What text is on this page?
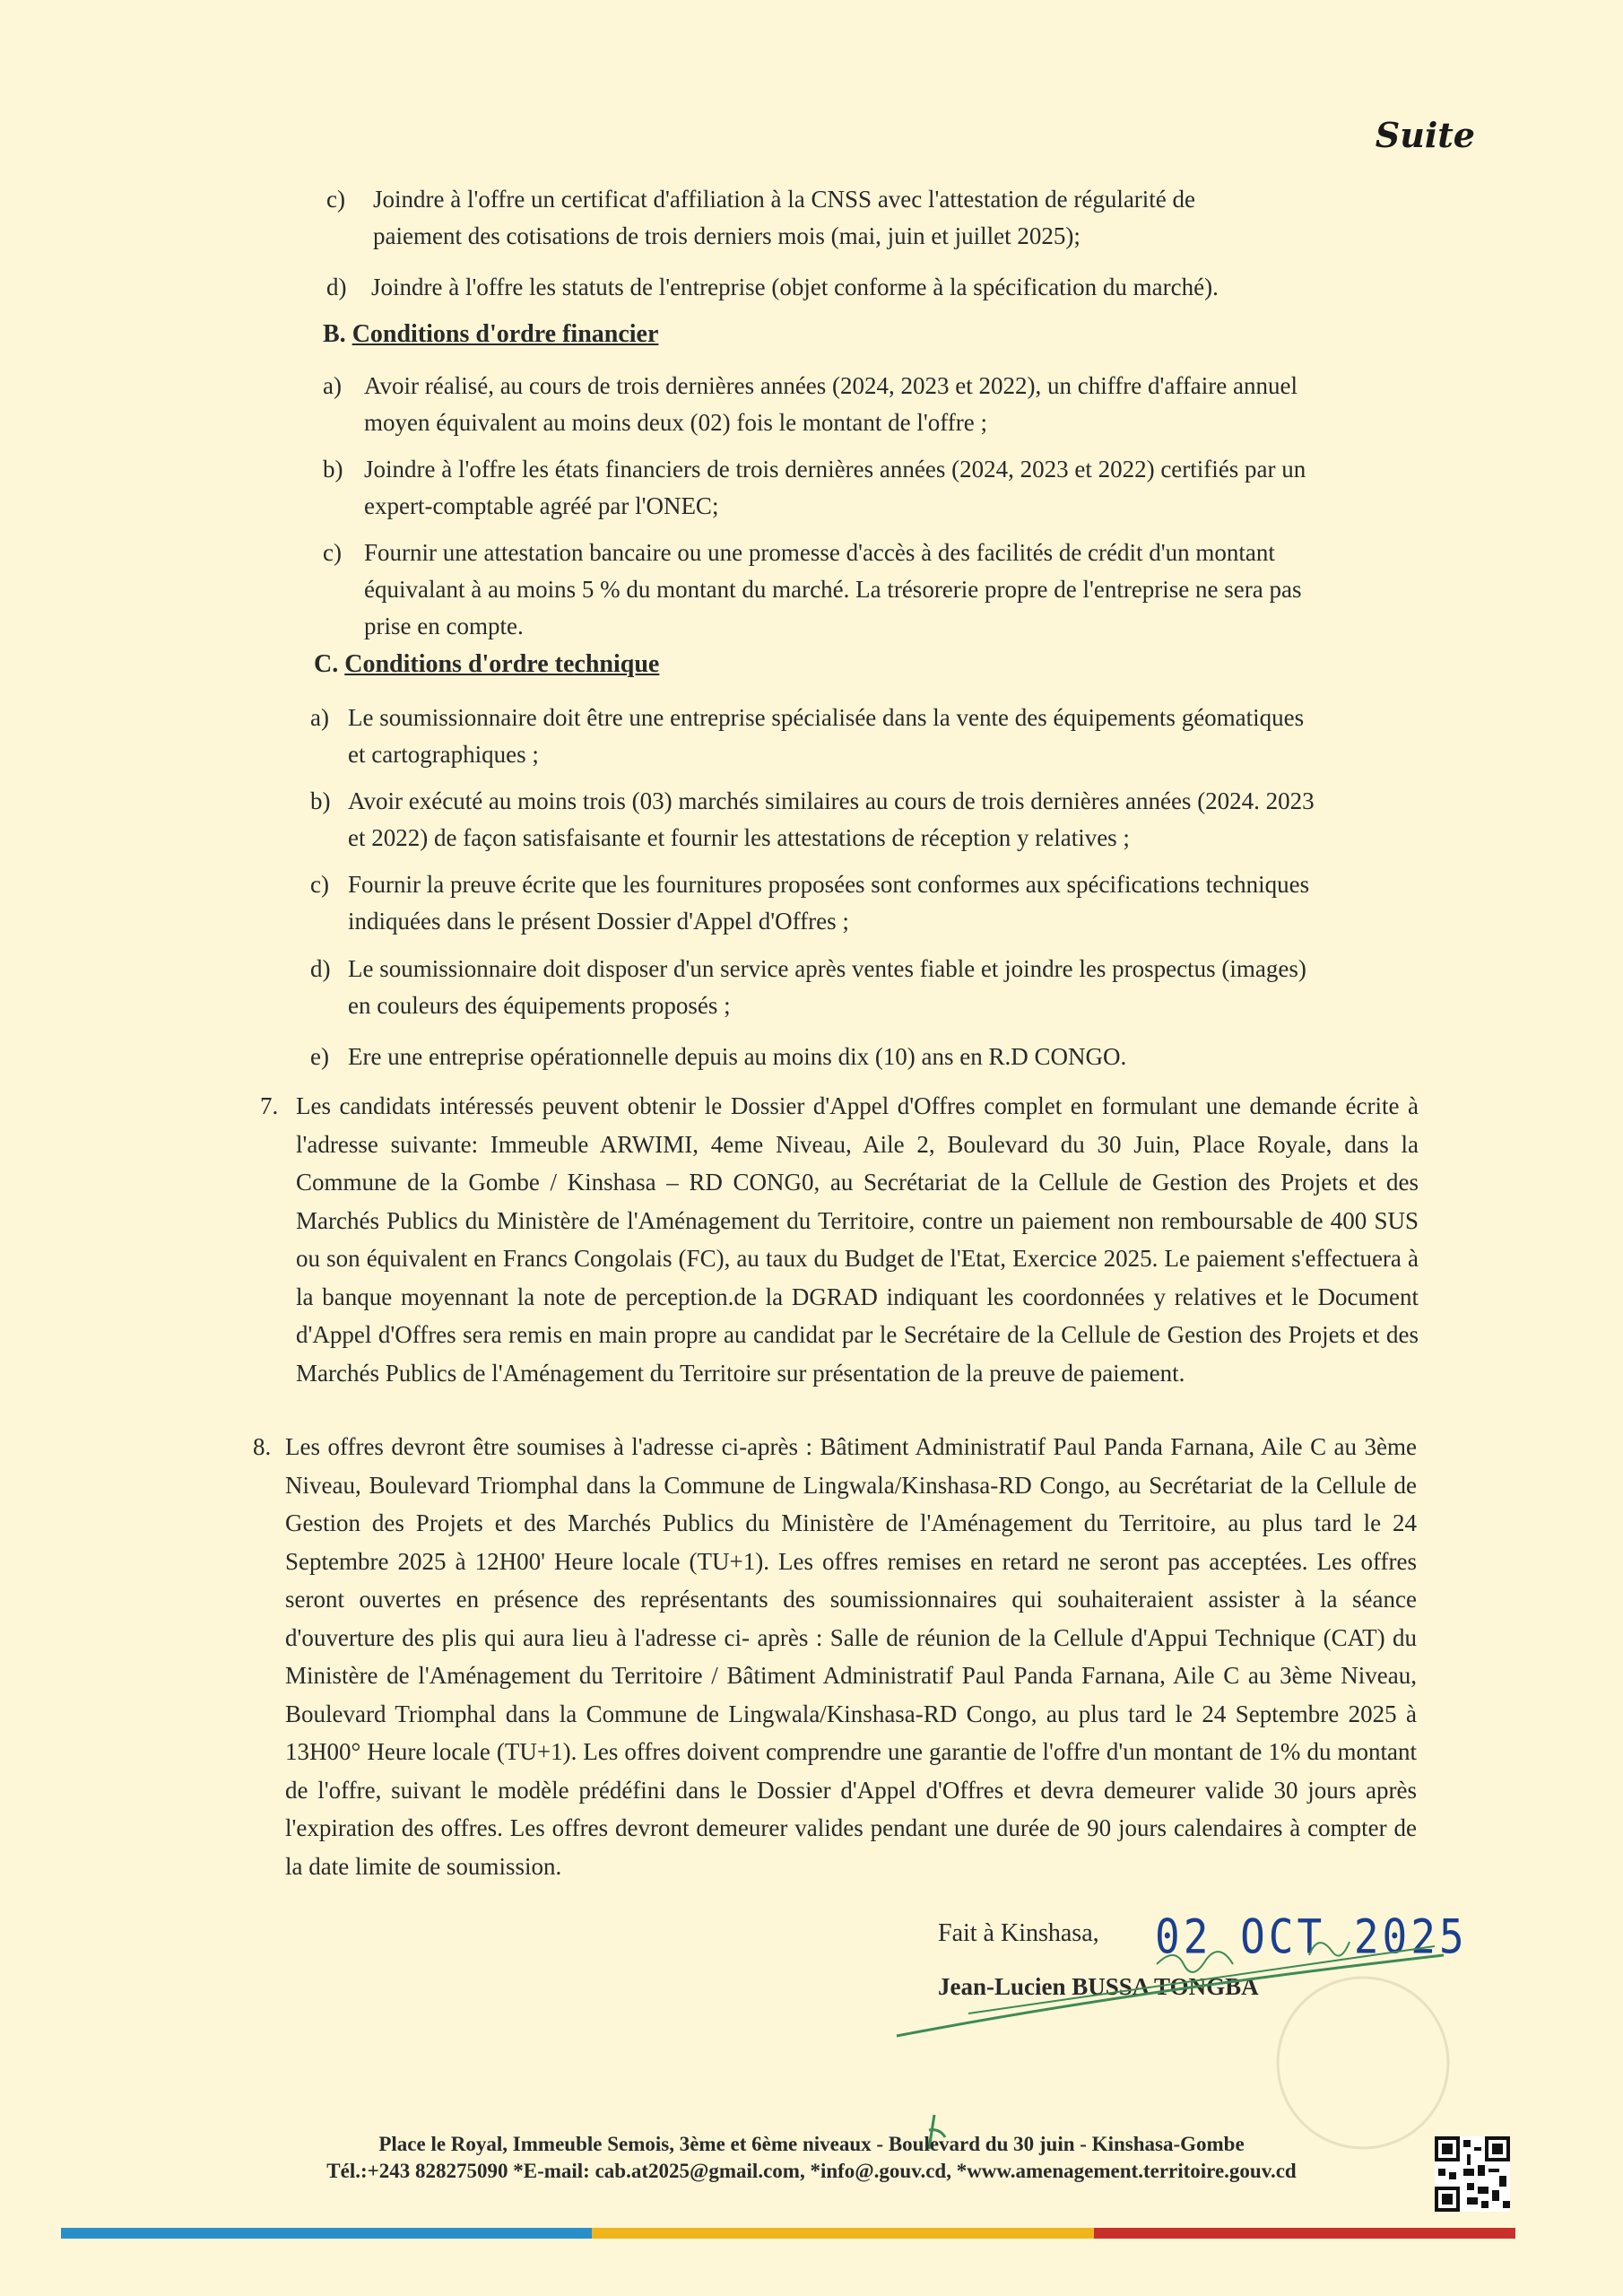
Suite
c) Joindre à l'offre un certificat d'affiliation à la CNSS avec l'attestation de régularité de
paiement des cotisations de trois derniers mois (mai, juin et juillet 2025);
d) Joindre à l'offre les statuts de l'entreprise (objet conforme à la spécification du marché).
B. Conditions d'ordre financier
a) Avoir réalisé, au cours de trois dernières années (2024, 2023 et 2022), un chiffre d'affaire annuel
moyen équivalent au moins deux (02) fois le montant de l'offre ;
b) Joindre à l'offre les états financiers de trois dernières années (2024, 2023 et 2022) certifiés par un
expert-comptable agréé par l'ONEC;
c) Fournir une attestation bancaire ou une promesse d'accès à des facilités de crédit d'un montant
équivalant à au moins 5 % du montant du marché. La trésorerie propre de l'entreprise ne sera pas
prise en compte.
C. Conditions d'ordre technique
a) Le soumissionnaire doit être une entreprise spécialisée dans la vente des équipements géomatiques
et cartographiques ;
b) Avoir exécuté au moins trois (03) marchés similaires au cours de trois dernières années (2024. 2023
et 2022) de façon satisfaisante et fournir les attestations de réception y relatives ;
c) Fournir la preuve écrite que les fournitures proposées sont conformes aux spécifications techniques
indiquées dans le présent Dossier d'Appel d'Offres ;
d) Le soumissionnaire doit disposer d'un service après ventes fiable et joindre les prospectus (images)
en couleurs des équipements proposés ;
e) Ere une entreprise opérationnelle depuis au moins dix (10) ans en R.D CONGO.
7. Les candidats intéressés peuvent obtenir le Dossier d'Appel d'Offres complet en formulant une demande écrite à l'adresse suivante: Immeuble ARWIMI, 4eme Niveau, Aile 2, Boulevard du 30 Juin, Place Royale, dans la Commune de la Gombe / Kinshasa – RD CONG0, au Secrétariat de la Cellule de Gestion des Projets et des Marchés Publics du Ministère de l'Aménagement du Territoire, contre un paiement non remboursable de 400 SUS ou son équivalent en Francs Congolais (FC), au taux du Budget de l'Etat, Exercice 2025. Le paiement s'effectuera à la banque moyennant la note de perception.de la DGRAD indiquant les coordonnées y relatives et le Document d'Appel d'Offres sera remis en main propre au candidat par le Secrétaire de la Cellule de Gestion des Projets et des Marchés Publics de l'Aménagement du Territoire sur présentation de la preuve de paiement.
8. Les offres devront être soumises à l'adresse ci-après : Bâtiment Administratif Paul Panda Farnana, Aile C au 3ème Niveau, Boulevard Triomphal dans la Commune de Lingwala/Kinshasa-RD Congo, au Secrétariat de la Cellule de Gestion des Projets et des Marchés Publics du Ministère de l'Aménagement du Territoire, au plus tard le 24 Septembre 2025 à 12H00' Heure locale (TU+1). Les offres remises en retard ne seront pas acceptées. Les offres seront ouvertes en présence des représentants des soumissionnaires qui souhaiteraient assister à la séance d'ouverture des plis qui aura lieu à l'adresse ci- après : Salle de réunion de la Cellule d'Appui Technique (CAT) du Ministère de l'Aménagement du Territoire / Bâtiment Administratif Paul Panda Farnana, Aile C au 3ème Niveau, Boulevard Triomphal dans la Commune de Lingwala/Kinshasa-RD Congo, au plus tard le 24 Septembre 2025 à 13H00° Heure locale (TU+1). Les offres doivent comprendre une garantie de l'offre d'un montant de 1% du montant de l'offre, suivant le modèle prédéfini dans le Dossier d'Appel d'Offres et devra demeurer valide 30 jours après l'expiration des offres. Les offres devront demeurer valides pendant une durée de 90 jours calendaires à compter de la date limite de soumission.
Fait à Kinshasa, 02 OCT 2025
Jean-Lucien BUSSA TONGBA
Place le Royal, Immeuble Semois, 3ème et 6ème niveaux - Boulevard du 30 juin - Kinshasa-Gombe
Tél.:+243 828275090 *E-mail: cab.at2025@gmail.com, *info@.gouv.cd, *www.amenagement.territoire.gouv.cd
